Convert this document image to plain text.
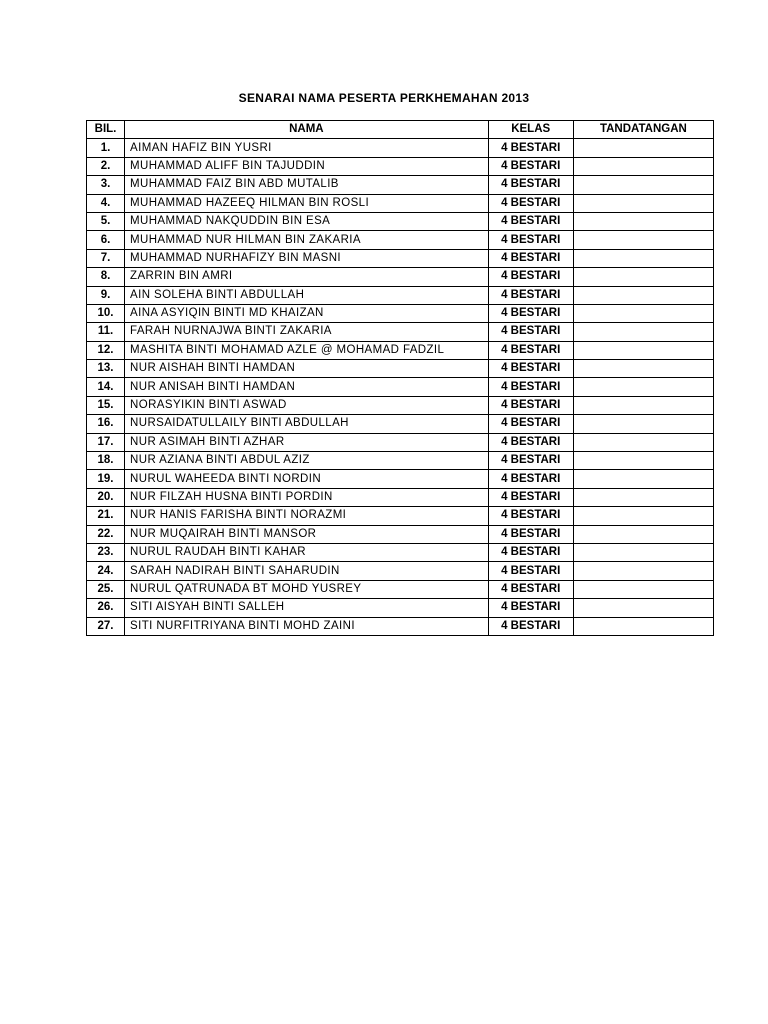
SENARAI NAMA PESERTA PERKHEMAHAN 2013
BIL.	NAMA	KELAS	TANDATANGAN
1.	AIMAN HAFIZ BIN YUSRI	4 BESTARI	
2.	MUHAMMAD ALIFF BIN TAJUDDIN	4 BESTARI	
3.	MUHAMMAD FAIZ BIN ABD MUTALIB	4 BESTARI	
4.	MUHAMMAD HAZEEQ HILMAN BIN ROSLI	4 BESTARI	
5.	MUHAMMAD NAKQUDDIN BIN ESA	4 BESTARI	
6.	MUHAMMAD NUR HILMAN BIN ZAKARIA	4 BESTARI	
7.	MUHAMMAD NURHAFIZY BIN MASNI	4 BESTARI	
8.	ZARRIN BIN AMRI	4 BESTARI	
9.	AIN SOLEHA BINTI ABDULLAH	4 BESTARI	
10.	AINA ASYIQIN BINTI MD KHAIZAN	4 BESTARI	
11.	FARAH NURNAJWA BINTI ZAKARIA	4 BESTARI	
12.	MASHITA BINTI MOHAMAD AZLE @ MOHAMAD FADZIL	4 BESTARI	
13.	NUR AISHAH BINTI HAMDAN	4 BESTARI	
14.	NUR ANISAH BINTI HAMDAN	4 BESTARI	
15.	NORASYIKIN BINTI ASWAD	4 BESTARI	
16.	NURSAIDATULLAILY BINTI ABDULLAH	4 BESTARI	
17.	NUR ASIMAH BINTI AZHAR	4 BESTARI	
18.	NUR AZIANA BINTI ABDUL AZIZ	4 BESTARI	
19.	NURUL WAHEEDA BINTI NORDIN	4 BESTARI	
20.	NUR FILZAH HUSNA BINTI PORDIN	4 BESTARI	
21.	NUR HANIS FARISHA BINTI NORAZMI	4 BESTARI	
22.	NUR MUQAIRAH BINTI MANSOR	4 BESTARI	
23.	NURUL RAUDAH BINTI KAHAR	4 BESTARI	
24.	SARAH NADIRAH BINTI SAHARUDIN	4 BESTARI	
25.	NURUL QATRUNADA BT MOHD YUSREY	4 BESTARI	
26.	SITI AISYAH BINTI SALLEH	4 BESTARI	
27.	SITI NURFITRIYANA BINTI MOHD ZAINI	4 BESTARI	
